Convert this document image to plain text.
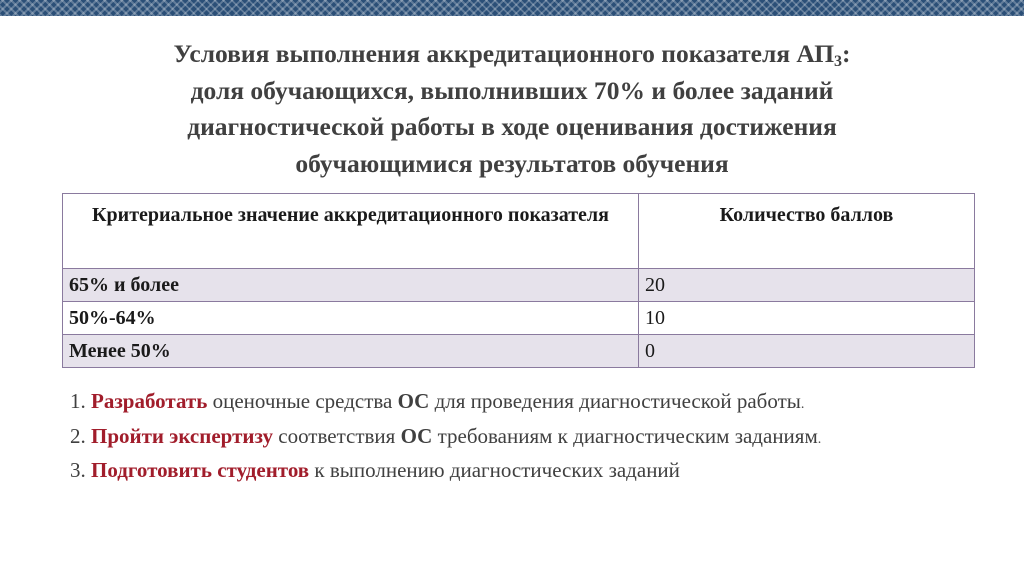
Условия выполнения аккредитационного показателя $АП_3$:
доля обучающихся, выполнивших 70% и более заданий
диагностической работы в ходе оценивания достижения
обучающимися результатов обучения
Критериальное значение аккредитационного показателя	Количество баллов
65% и более	20
50%-64%	10
Менее 50%	0
1. Разработать оценочные средства ОС для проведения диагностической работы.
2. Пройти экспертизу соответствия ОС требованиям к диагностическим заданиям.
3. Подготовить студентов к выполнению диагностических заданий
